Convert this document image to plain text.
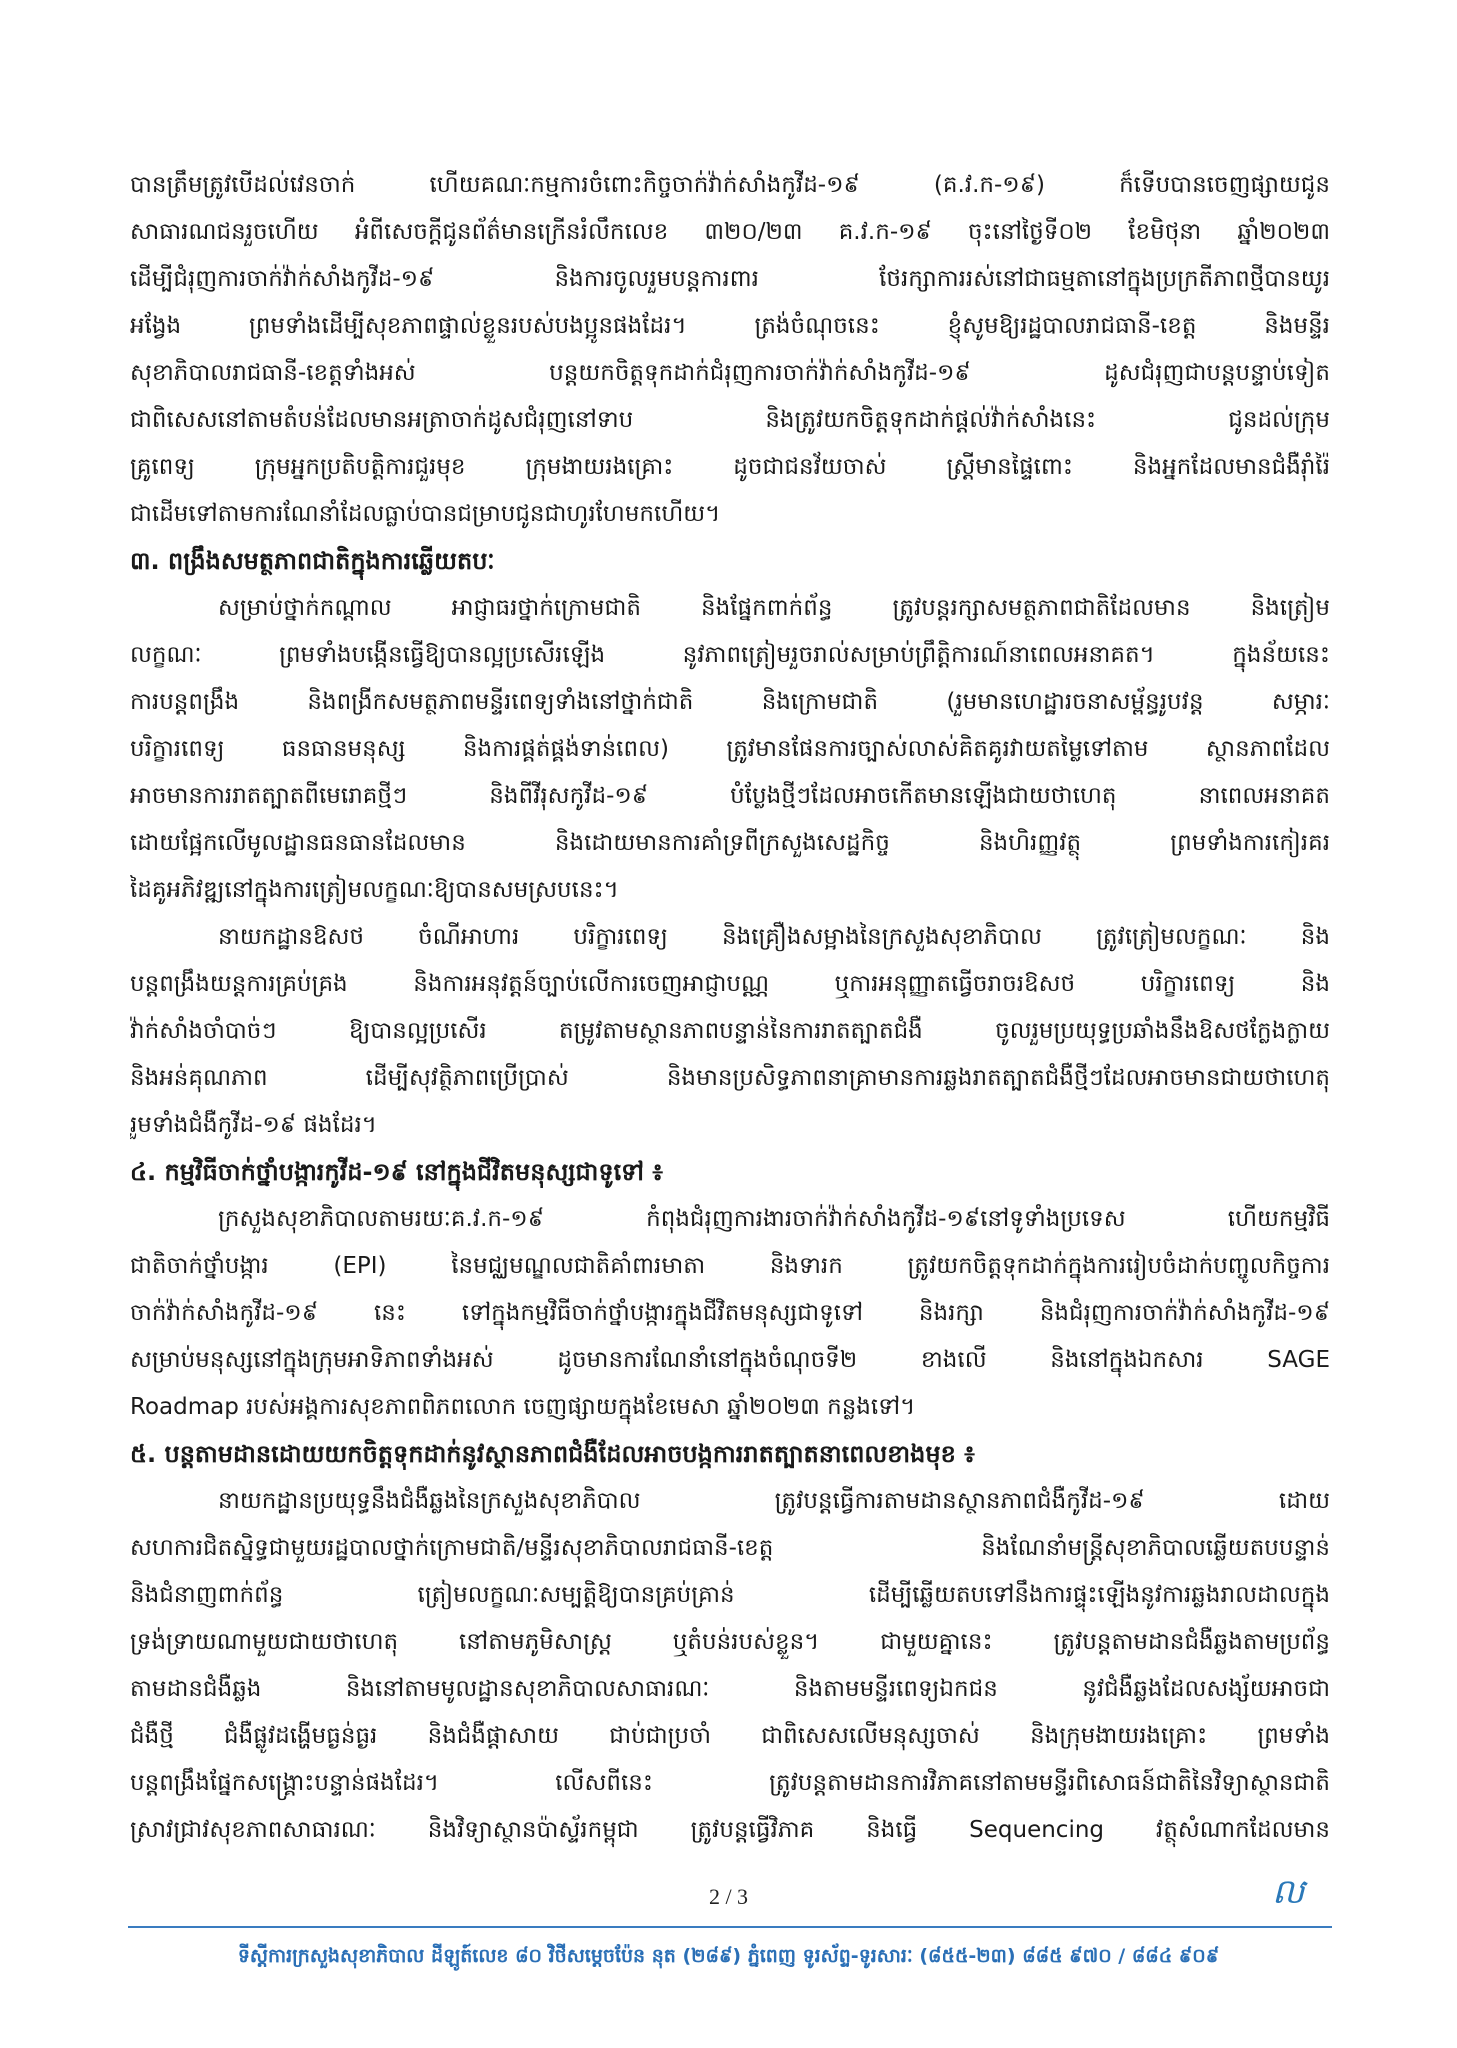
បានត្រឹមត្រូវបើដល់វេនចាក់ ហើយគណៈកម្មការចំពោះកិច្ចចាក់វ៉ាក់សាំងកូវីដ-១៩ (គ.វ.ក-១៩) ក៏ទើបបានចេញផ្សាយជូន
សាធារណជនរួចហើយ អំពីសេចក្តីជូនព័ត៌មានក្រើនរំលឹកលេខ ៣២០/២៣ គ.វ.ក-១៩ ចុះនៅថ្ងៃទី០២ ខែមិថុនា ឆ្នាំ២០២៣
ដើម្បីជំរុញការចាក់វ៉ាក់សាំងកូវីដ-១៩ និងការចូលរួមបន្តការពារ ថែរក្សាការរស់នៅជាធម្មតានៅក្នុងប្រក្រតីភាពថ្មីបានយូរ
អង្វែង ព្រមទាំងដើម្បីសុខភាពផ្ទាល់ខ្លួនរបស់បងប្អូនផងដែរ។ ត្រង់ចំណុចនេះ ខ្ញុំសូមឱ្យរដ្ឋបាលរាជធានី-ខេត្ត និងមន្ទីរ
សុខាភិបាលរាជធានី-ខេត្តទាំងអស់ បន្តយកចិត្តទុកដាក់ជំរុញការចាក់វ៉ាក់សាំងកូវីដ-១៩ ដូសជំរុញជាបន្តបន្ទាប់ទៀត
ជាពិសេសនៅតាមតំបន់ដែលមានអត្រាចាក់ដូសជំរុញនៅទាប និងត្រូវយកចិត្តទុកដាក់ផ្តល់វ៉ាក់សាំងនេះ ជូនដល់ក្រុម
គ្រូពេទ្យ ក្រុមអ្នកប្រតិបត្តិការជួរមុខ ក្រុមងាយរងគ្រោះ ដូចជាជនវ័យចាស់ ស្ត្រីមានផ្ទៃពោះ និងអ្នកដែលមានជំងឺរ៉ាំរ៉ៃ
ជាដើមទៅតាមការណែនាំដែលធ្លាប់បានជម្រាបជូនជាហូរហែមកហើយ។
៣. ពង្រឹងសមត្ថភាពជាតិក្នុងការឆ្លើយតបៈ
សម្រាប់ថ្នាក់កណ្តាល អាជ្ញាធរថ្នាក់ក្រោមជាតិ និងផ្នែកពាក់ព័ន្ធ ត្រូវបន្តរក្សាសមត្ថភាពជាតិដែលមាន និងត្រៀម
លក្ខណៈ ព្រមទាំងបង្កើនធ្វើឱ្យបានល្អប្រសើរឡើង នូវភាពត្រៀមរួចរាល់សម្រាប់ព្រឹត្តិការណ៍នាពេលអនាគត។ ក្នុងន័យនេះ
ការបន្តពង្រឹង និងពង្រីកសមត្ថភាពមន្ទីរពេទ្យទាំងនៅថ្នាក់ជាតិ និងក្រោមជាតិ (រួមមានហេដ្ឋារចនាសម្ព័ន្ធរូបវន្ត សម្ភារៈ
បរិក្ខារពេទ្យ ធនធានមនុស្ស និងការផ្គត់ផ្គង់ទាន់ពេល) ត្រូវមានផែនការច្បាស់លាស់គិតគូរវាយតម្លៃទៅតាម ស្ថានភាពដែល
អាចមានការរាតត្បាតពីមេរោគថ្មីៗ និងពីវីរុសកូវីដ-១៩ បំប្លែងថ្មីៗដែលអាចកើតមានឡើងជាយថាហេតុ នាពេលអនាគត
ដោយផ្អែកលើមូលដ្ឋានធនធានដែលមាន និងដោយមានការគាំទ្រពីក្រសួងសេដ្ឋកិច្ច និងហិរញ្ញវត្ថុ ព្រមទាំងការកៀរគរ
ដៃគូអភិវឌ្ឍនៅក្នុងការត្រៀមលក្ខណៈឱ្យបានសមស្របនេះ។
នាយកដ្ឋានឱសថ ចំណីអាហារ បរិក្ខារពេទ្យ និងគ្រឿងសម្អាងនៃក្រសួងសុខាភិបាល ត្រូវត្រៀមលក្ខណៈ និង
បន្តពង្រឹងយន្តការគ្រប់គ្រង និងការអនុវត្តន៍ច្បាប់លើការចេញអាជ្ញាបណ្ណ ឬការអនុញ្ញាតធ្វើចរាចរឱសថ បរិក្ខារពេទ្យ និង
វ៉ាក់សាំងចាំបាច់ៗ ឱ្យបានល្អប្រសើរ តម្រូវតាមស្ថានភាពបន្ទាន់នៃការរាតត្បាតជំងឺ ចូលរួមប្រយុទ្ធប្រឆាំងនឹងឱសថក្លែងក្លាយ
និងអន់គុណភាព ដើម្បីសុវត្ថិភាពប្រើប្រាស់ និងមានប្រសិទ្ធភាពនាគ្រាមានការឆ្លងរាតត្បាតជំងឺថ្មីៗដែលអាចមានជាយថាហេតុ
រួមទាំងជំងឺកូវីដ-១៩ ផងដែរ។
៤. កម្មវិធីចាក់ថ្នាំបង្ការកូវីដ-១៩ នៅក្នុងជីវិតមនុស្សជាទូទៅ ៖
ក្រសួងសុខាភិបាលតាមរយៈគ.វ.ក-១៩ កំពុងជំរុញការងារចាក់វ៉ាក់សាំងកូវីដ-១៩នៅទូទាំងប្រទេស ហើយកម្មវិធី
ជាតិចាក់ថ្នាំបង្ការ (EPI) នៃមជ្ឈមណ្ឌលជាតិគាំពារមាតា និងទារក ត្រូវយកចិត្តទុកដាក់ក្នុងការរៀបចំដាក់បញ្ចូលកិច្ចការ
ចាក់វ៉ាក់សាំងកូវីដ-១៩ នេះ ទៅក្នុងកម្មវិធីចាក់ថ្នាំបង្ការក្នុងជីវិតមនុស្សជាទូទៅ និងរក្សា និងជំរុញការចាក់វ៉ាក់សាំងកូវីដ-១៩
សម្រាប់មនុស្សនៅក្នុងក្រុមអាទិភាពទាំងអស់ ដូចមានការណែនាំនៅក្នុងចំណុចទី២ ខាងលើ និងនៅក្នុងឯកសារ SAGE
Roadmap របស់អង្គការសុខភាពពិភពលោក ចេញផ្សាយក្នុងខែមេសា ឆ្នាំ២០២៣ កន្លងទៅ។
៥. បន្តតាមដានដោយយកចិត្តទុកដាក់នូវស្ថានភាពជំងឺដែលអាចបង្កការរាតត្បាតនាពេលខាងមុខ ៖
នាយកដ្ឋានប្រយុទ្ធនឹងជំងឺឆ្លងនៃក្រសួងសុខាភិបាល ត្រូវបន្តធ្វើការតាមដានស្ថានភាពជំងឺកូវីដ-១៩ ដោយ
សហការជិតស្និទ្ធជាមួយរដ្ឋបាលថ្នាក់ក្រោមជាតិ/មន្ទីរសុខាភិបាលរាជធានី-ខេត្ត និងណែនាំមន្ត្រីសុខាភិបាលឆ្លើយតបបន្ទាន់
និងជំនាញពាក់ព័ន្ធ ត្រៀមលក្ខណៈសម្បត្តិឱ្យបានគ្រប់គ្រាន់ ដើម្បីឆ្លើយតបទៅនឹងការផ្ទុះឡើងនូវការឆ្លងរាលដាលក្នុង
ទ្រង់ទ្រាយណាមួយជាយថាហេតុ នៅតាមភូមិសាស្ត្រ ឬតំបន់របស់ខ្លួន។ ជាមួយគ្នានេះ ត្រូវបន្តតាមដានជំងឺឆ្លងតាមប្រព័ន្ធ
តាមដានជំងឺឆ្លង និងនៅតាមមូលដ្ឋានសុខាភិបាលសាធារណៈ និងតាមមន្ទីរពេទ្យឯកជន នូវជំងឺឆ្លងដែលសង្ស័យអាចជា
ជំងឺថ្មី ជំងឺផ្លូវដង្ហើមធ្ងន់ធ្ងរ និងជំងឺផ្តាសាយ ជាប់ជាប្រចាំ ជាពិសេសលើមនុស្សចាស់ និងក្រុមងាយរងគ្រោះ ព្រមទាំង
បន្តពង្រឹងផ្នែកសង្គ្រោះបន្ទាន់ផងដែរ។ លើសពីនេះ ត្រូវបន្តតាមដានការវិភាគនៅតាមមន្ទីរពិសោធន៍ជាតិនៃវិទ្យាស្ថានជាតិ
ស្រាវជ្រាវសុខភាពសាធារណៈ និងវិទ្យាស្ថានប៉ាស្ទ័រកម្ពុជា ត្រូវបន្តធ្វើវិភាគ និងធ្វើ Sequencing វត្ថុសំណាកដែលមាន
2 / 3	ល
ទីស្តីការក្រសួងសុខាភិបាល ដីឡូត៍លេខ ៨០ វិថីសម្តេចប៉ែន នុត (២៨៩) ភ្នំពេញ ទូរស័ព្ទ-ទូរសារៈ (៨៥៥-២៣) ៨៨៥ ៩៧០ / ៨៨៤ ៩០៩
